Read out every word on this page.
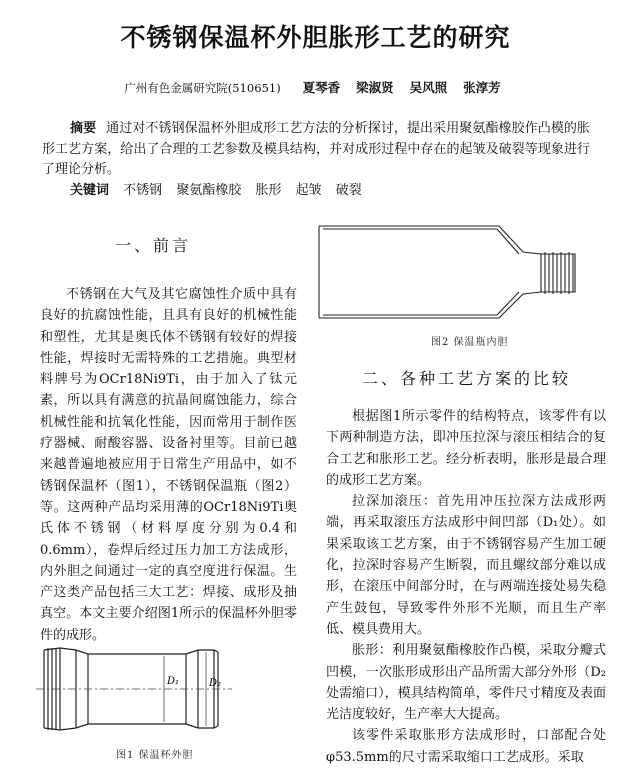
不锈钢保温杯外胆胀形工艺的研究
广州有色金属研究院(510651) 夏琴香 梁淑贤 吴风照 张淳芳
摘要 通过对不锈钢保温杯外胆成形工艺方法的分析探讨，提出采用聚氨酯橡胶作凸模的胀形工艺方案，给出了合理的工艺参数及模具结构，并对成形过程中存在的起皱及破裂等现象进行了理论分析。
关键词 不锈钢 聚氨酯橡胶 胀形 起皱 破裂
一、前言
不锈钢在大气及其它腐蚀性介质中具有良好的抗腐蚀性能，且具有良好的机械性能和塑性，尤其是奥氏体不锈钢有较好的焊接性能，焊接时无需特殊的工艺措施。典型材料牌号为OCr18Ni9Ti，由于加入了钛元素，所以具有满意的抗晶间腐蚀能力，综合机械性能和抗氧化性能，因而常用于制作医疗器械、耐酸容器、设备衬里等。目前已越来越普遍地被应用于日常生产用品中，如不锈钢保温杯（图1），不锈钢保温瓶（图2）等。这两种产品均采用薄的OCr18Ni9Ti奥氏体不锈钢（材料厚度分别为0.4和0.6mm），卷焊后经过压力加工方法成形，内外胆之间通过一定的真空度进行保温。生产这类产品包括三大工艺：焊接、成形及抽真空。本文主要介绍图1所示的保温杯外胆零件的成形。
D₁	D₂
图1 保温杯外胆
图2 保温瓶内胆
二、各种工艺方案的比较

根据图1所示零件的结构特点，该零件有以下两种制造方法，即冲压拉深与滚压相结合的复合工艺和胀形工艺。经分析表明，胀形是最合理的成形工艺方案。

拉深加滚压：首先用冲压拉深方法成形两端，再采取滚压方法成形中间凹部（D₁处）。如果采取该工艺方案，由于不锈钢容易产生加工硬化，拉深时容易产生断裂，而且螺纹部分难以成形，在滚压中间部分时，在与两端连接处易失稳产生鼓包，导致零件外形不光顺，而且生产率低、模具费用大。

胀形：利用聚氨酯橡胶作凸模，采取分瓣式凹模，一次胀形成形出产品所需大部分外形（D₂处需缩口），模具结构简单，零件尺寸精度及表面光洁度较好，生产率大大提高。

该零件采取胀形方法成形时，口部配合处φ53.5mm的尺寸需采取缩口工艺成形。采取
